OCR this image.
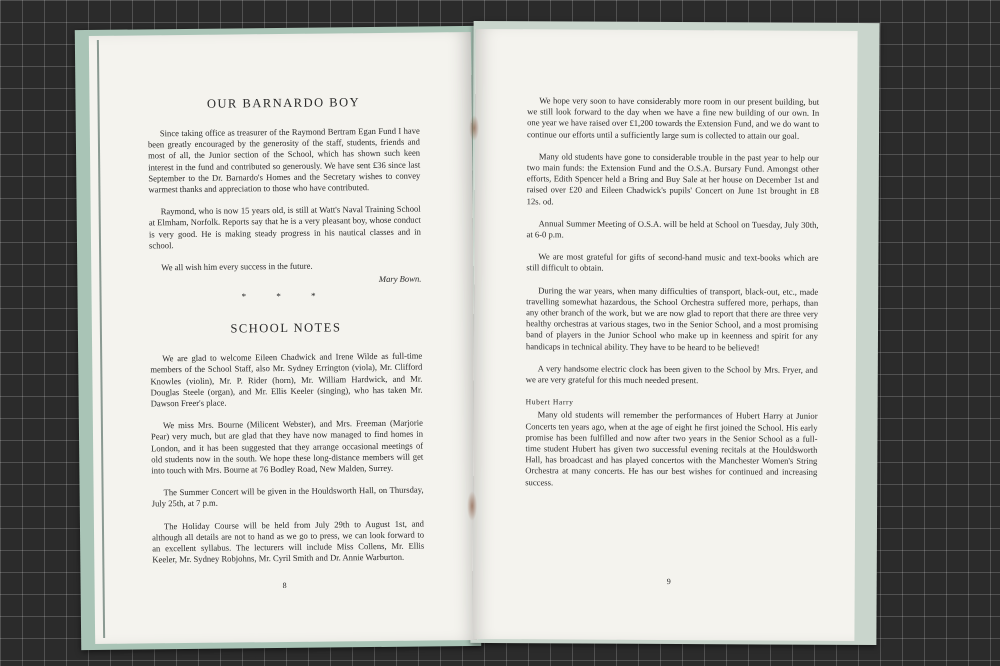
OUR BARNARDO BOY

Since taking office as treasurer of the Raymond Bertram Egan Fund I have been greatly encouraged by the generosity of the staff, students, friends and most of all, the Junior section of the School, which has shown such keen interest in the fund and contributed so generously. We have sent £36 since last September to the Dr. Barnardo's Homes and the Secretary wishes to convey warmest thanks and appreciation to those who have contributed.

Raymond, who is now 15 years old, is still at Watt's Naval Training School at Elmham, Norfolk. Reports say that he is a very pleasant boy, whose conduct is very good. He is making steady progress in his nautical classes and in school.

We all wish him every success in the future.

Mary Bown.
* * *
SCHOOL NOTES

We are glad to welcome Eileen Chadwick and Irene Wilde as full-time members of the School Staff, also Mr. Sydney Errington (viola), Mr. Clifford Knowles (violin), Mr. P. Rider (horn), Mr. William Hardwick, and Mr. Douglas Steele (organ), and Mr. Ellis Keeler (singing), who has taken Mr. Dawson Freer's place.

We miss Mrs. Bourne (Milicent Webster), and Mrs. Freeman (Marjorie Pear) very much, but are glad that they have now managed to find homes in London, and it has been suggested that they arrange occasional meetings of old students now in the south. We hope these long-distance members will get into touch with Mrs. Bourne at 76 Bodley Road, New Malden, Surrey.

The Summer Concert will be given in the Houldsworth Hall, on Thursday, July 25th, at 7 p.m.

The Holiday Course will be held from July 29th to August 1st, and although all details are not to hand as we go to press, we can look forward to an excellent syllabus. The lecturers will include Miss Collens, Mr. Ellis Keeler, Mr. Sydney Robjohns, Mr. Cyril Smith and Dr. Annie Warburton.

8

We hope very soon to have considerably more room in our present building, but we still look forward to the day when we have a fine new building of our own. In one year we have raised over £1,200 towards the Extension Fund, and we do want to continue our efforts until a sufficiently large sum is collected to attain our goal.

Many old students have gone to considerable trouble in the past year to help our two main funds: the Extension Fund and the O.S.A. Bursary Fund. Amongst other efforts, Edith Spencer held a Bring and Buy Sale at her house on December 1st and raised over £20 and Eileen Chadwick's pupils' Concert on June 1st brought in £8 12s. od.

Annual Summer Meeting of O.S.A. will be held at School on Tuesday, July 30th, at 6-0 p.m.

We are most grateful for gifts of second-hand music and text-books which are still difficult to obtain.

During the war years, when many difficulties of transport, black-out, etc., made travelling somewhat hazardous, the School Orchestra suffered more, perhaps, than any other branch of the work, but we are now glad to report that there are three very healthy orchestras at various stages, two in the Senior School, and a most promising band of players in the Junior School who make up in keenness and spirit for any handicaps in technical ability. They have to be heard to be believed!

A very handsome electric clock has been given to the School by Mrs. Fryer, and we are very grateful for this much needed present.

Hubert Harry

Many old students will remember the performances of Hubert Harry at Junior Concerts ten years ago, when at the age of eight he first joined the School. His early promise has been fulfilled and now after two years in the Senior School as a full-time student Hubert has given two successful evening recitals at the Houldsworth Hall, has broadcast and has played concertos with the Manchester Women's String Orchestra at many concerts. He has our best wishes for continued and increasing success.

9
